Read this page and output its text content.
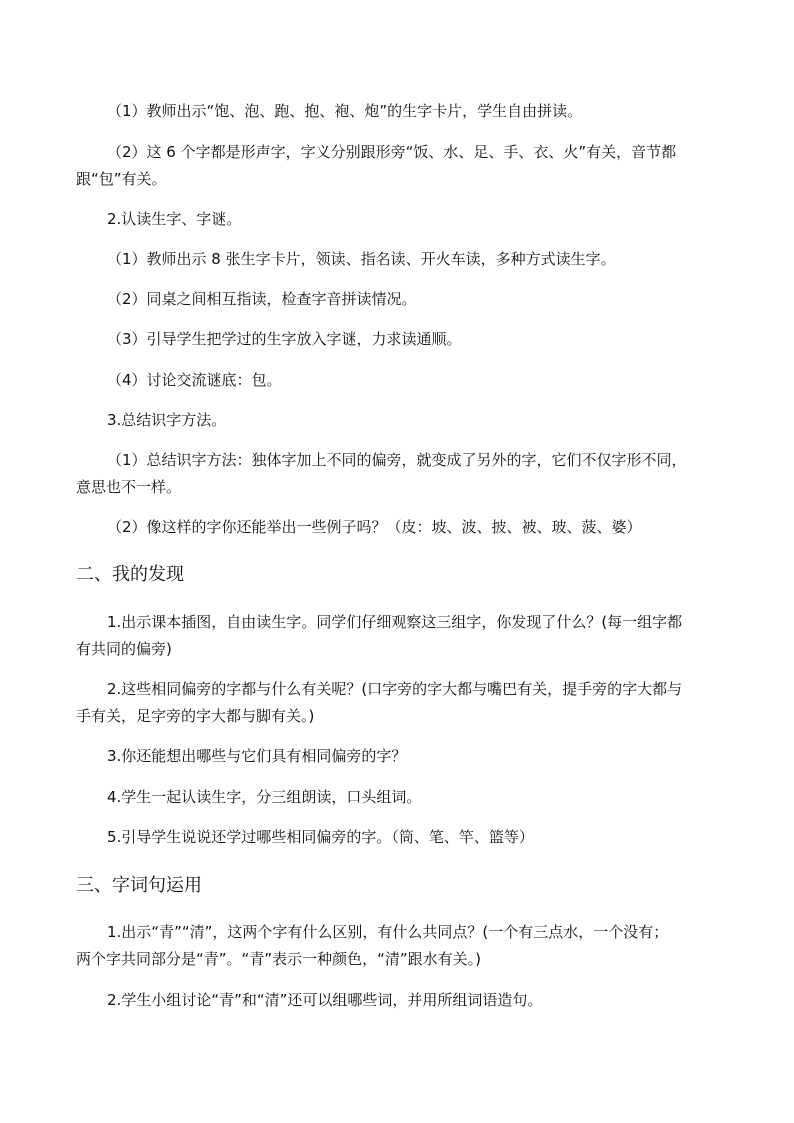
（1）教师出示“饱、泡、跑、抱、袍、炮”的生字卡片，学生自由拼读。
（2）这 6 个字都是形声字，字义分别跟形旁“饭、水、足、手、衣、火”有关，音节都
跟“包”有关。
2.认读生字、字谜。
（1）教师出示 8 张生字卡片，领读、指名读、开火车读，多种方式读生字。
（2）同桌之间相互指读，检查字音拼读情况。
（3）引导学生把学过的生字放入字谜，力求读通顺。
（4）讨论交流谜底：包。
3.总结识字方法。
（1）总结识字方法：独体字加上不同的偏旁，就变成了另外的字，它们不仅字形不同，
意思也不一样。
（2）像这样的字你还能举出一些例子吗？（皮：坡、波、披、被、玻、菠、婆）
二、我的发现
1.出示课本插图，自由读生字。同学们仔细观察这三组字，你发现了什么？(每一组字都
有共同的偏旁)
2.这些相同偏旁的字都与什么有关呢？(口字旁的字大都与嘴巴有关，提手旁的字大都与
手有关，足字旁的字大都与脚有关。)
3.你还能想出哪些与它们具有相同偏旁的字？
4.学生一起认读生字，分三组朗读，口头组词。
5.引导学生说说还学过哪些相同偏旁的字。（筒、笔、竿、篮等）
三、字词句运用
1.出示“青”“清”，这两个字有什么区别，有什么共同点？(一个有三点水，一个没有；
两个字共同部分是“青”。“青”表示一种颜色，“清”跟水有关。)
2.学生小组讨论“青”和“清”还可以组哪些词，并用所组词语造句。
